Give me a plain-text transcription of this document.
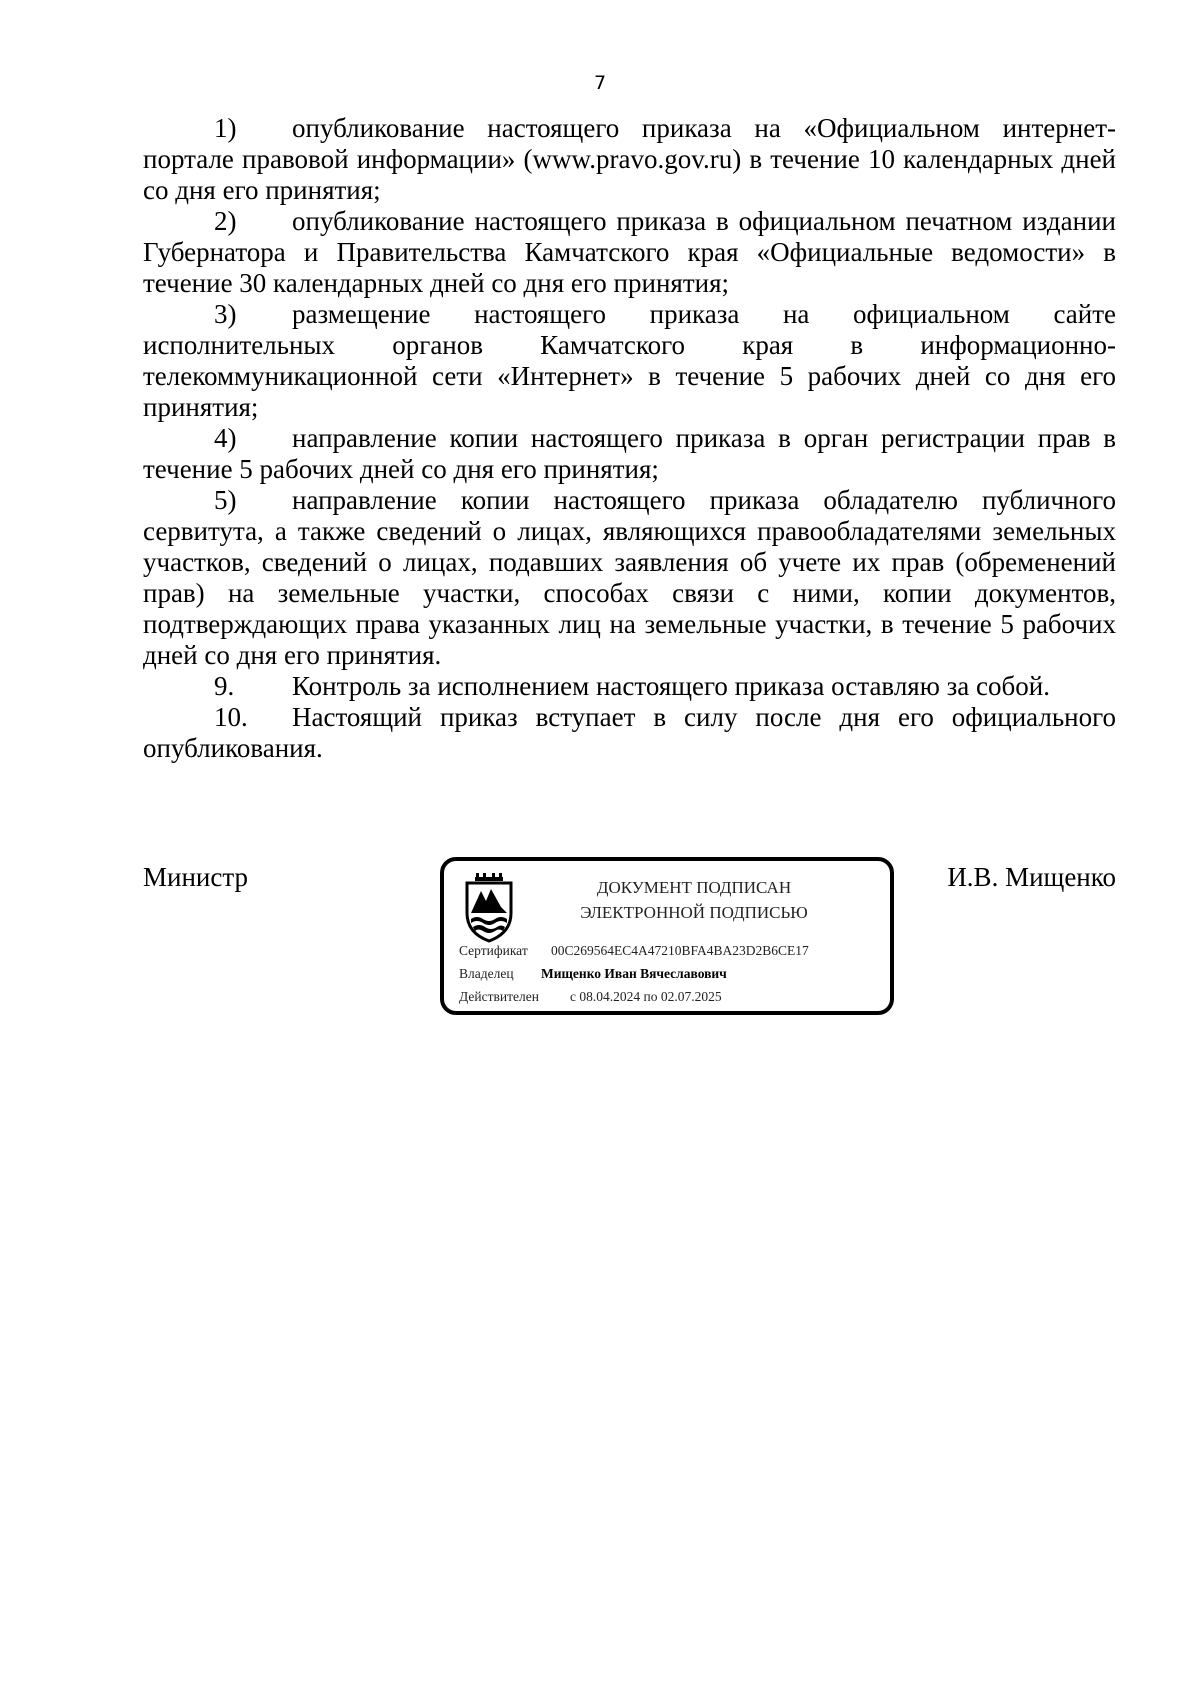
7

1) опубликование настоящего приказа на «Официальном интернет-портале правовой информации» (www.pravo.gov.ru) в течение 10 календарных дней со дня его принятия;

2) опубликование настоящего приказа в официальном печатном издании Губернатора и Правительства Камчатского края «Официальные ведомости» в течение 30 календарных дней со дня его принятия;

3) размещение настоящего приказа на официальном сайте исполнительных органов Камчатского края в информационно-телекоммуникационной сети «Интернет» в течение 5 рабочих дней со дня его принятия;

4) направление копии настоящего приказа в орган регистрации прав в течение 5 рабочих дней со дня его принятия;

5) направление копии настоящего приказа обладателю публичного сервитута, а также сведений о лицах, являющихся правообладателями земельных участков, сведений о лицах, подавших заявления об учете их прав (обременений прав) на земельные участки, способах связи с ними, копии документов, подтверждающих права указанных лиц на земельные участки, в течение 5 рабочих дней со дня его принятия.

9. Контроль за исполнением настоящего приказа оставляю за собой.

10. Настоящий приказ вступает в силу после дня его официального опубликования.

Министр	И.В. Мищенко
ДОКУМЕНТ ПОДПИСАН
ЭЛЕКТРОННОЙ ПОДПИСЬЮ
Сертификат 00C269564EC4A47210BFA4BA23D2B6CE17
Владелец Мищенко Иван Вячеславович
Действителен с 08.04.2024 по 02.07.2025
